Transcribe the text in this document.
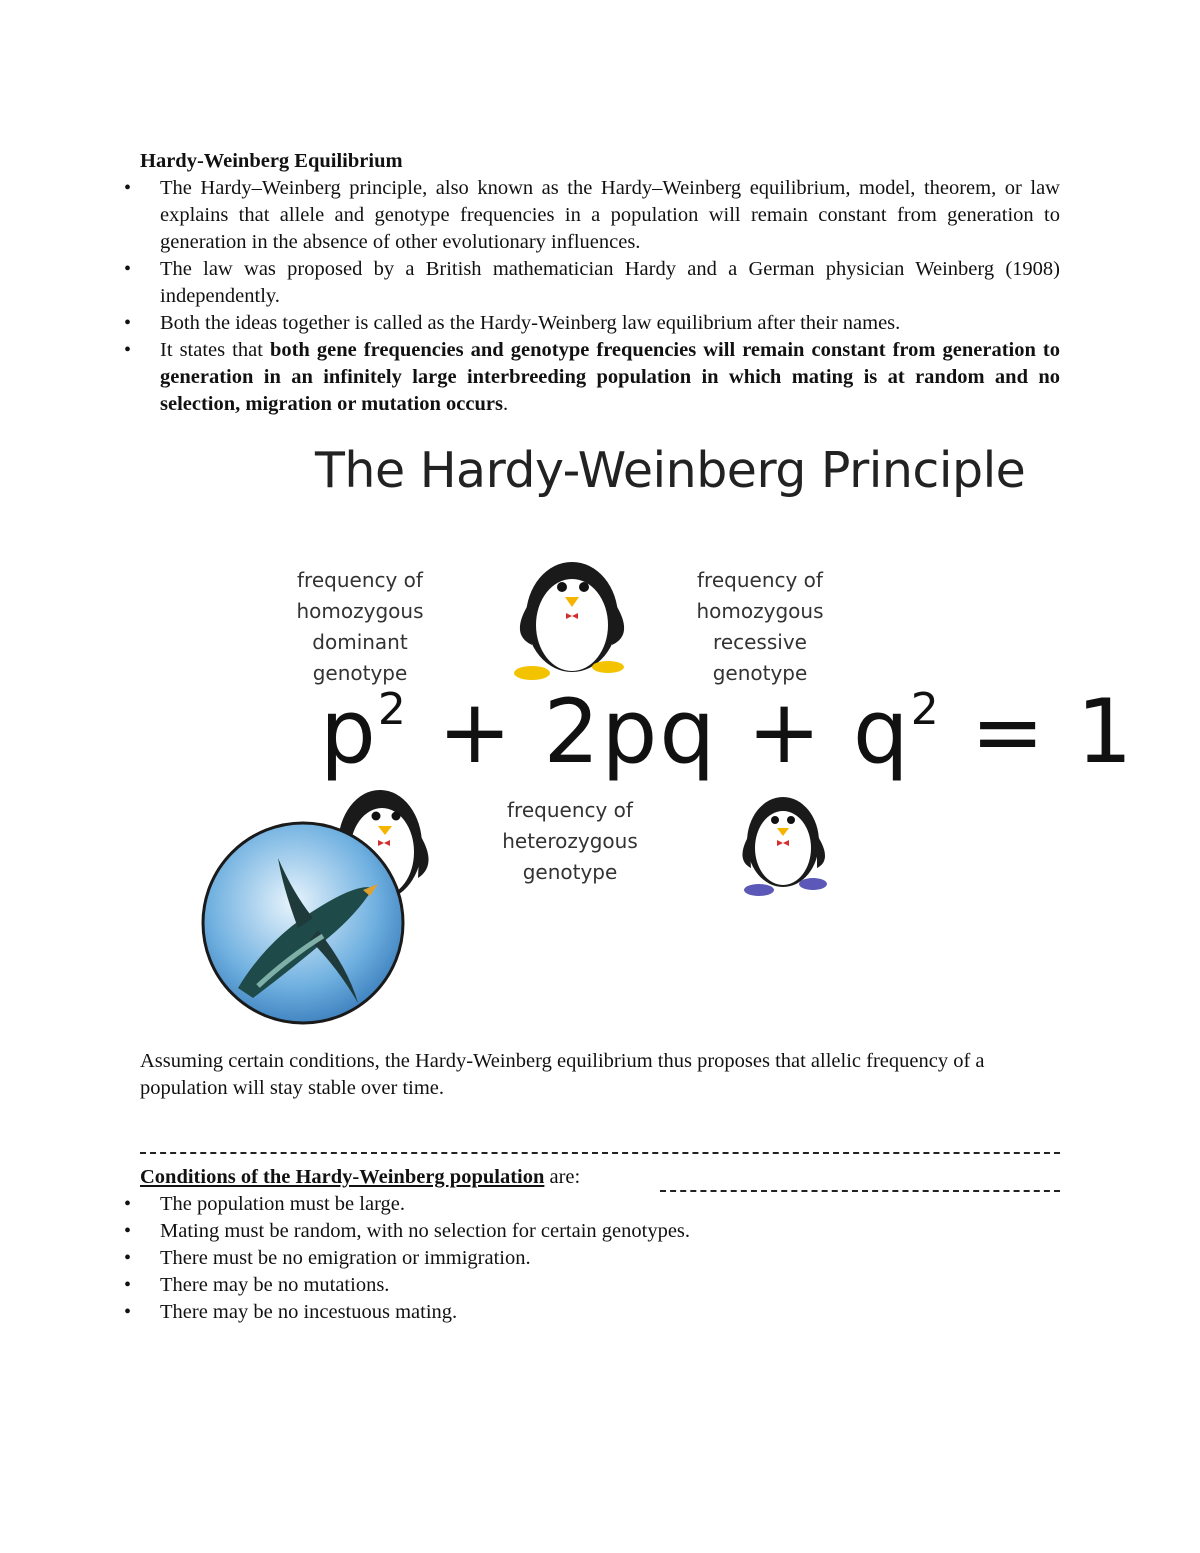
Hardy-Weinberg Equilibrium
• The Hardy–Weinberg principle, also known as the Hardy–Weinberg equilibrium, model, theorem, or law explains that allele and genotype frequencies in a population will remain constant from generation to generation in the absence of other evolutionary influences.
• The law was proposed by a British mathematician Hardy and a German physician Weinberg (1908) independently.
• Both the ideas together is called as the Hardy-Weinberg law equilibrium after their names.
• It states that both gene frequencies and genotype frequencies will remain constant from generation to generation in an infinitely large interbreeding population in which mating is at random and no selection, migration or mutation occurs.
The Hardy-Weinberg Principle
frequency of
homozygous dominant
genotype
frequency of
homozygous recessive
genotype
frequency of
heterozygous
genotype
$p^2 + 2pq + q^2 = 1$
Assuming certain conditions, the Hardy-Weinberg equilibrium thus proposes that allelic frequency of a population will stay stable over time.
Conditions of the Hardy-Weinberg population are:
• The population must be large.
• Mating must be random, with no selection for certain genotypes.
• There must be no emigration or immigration.
• There may be no mutations.
• There may be no incestuous mating.
